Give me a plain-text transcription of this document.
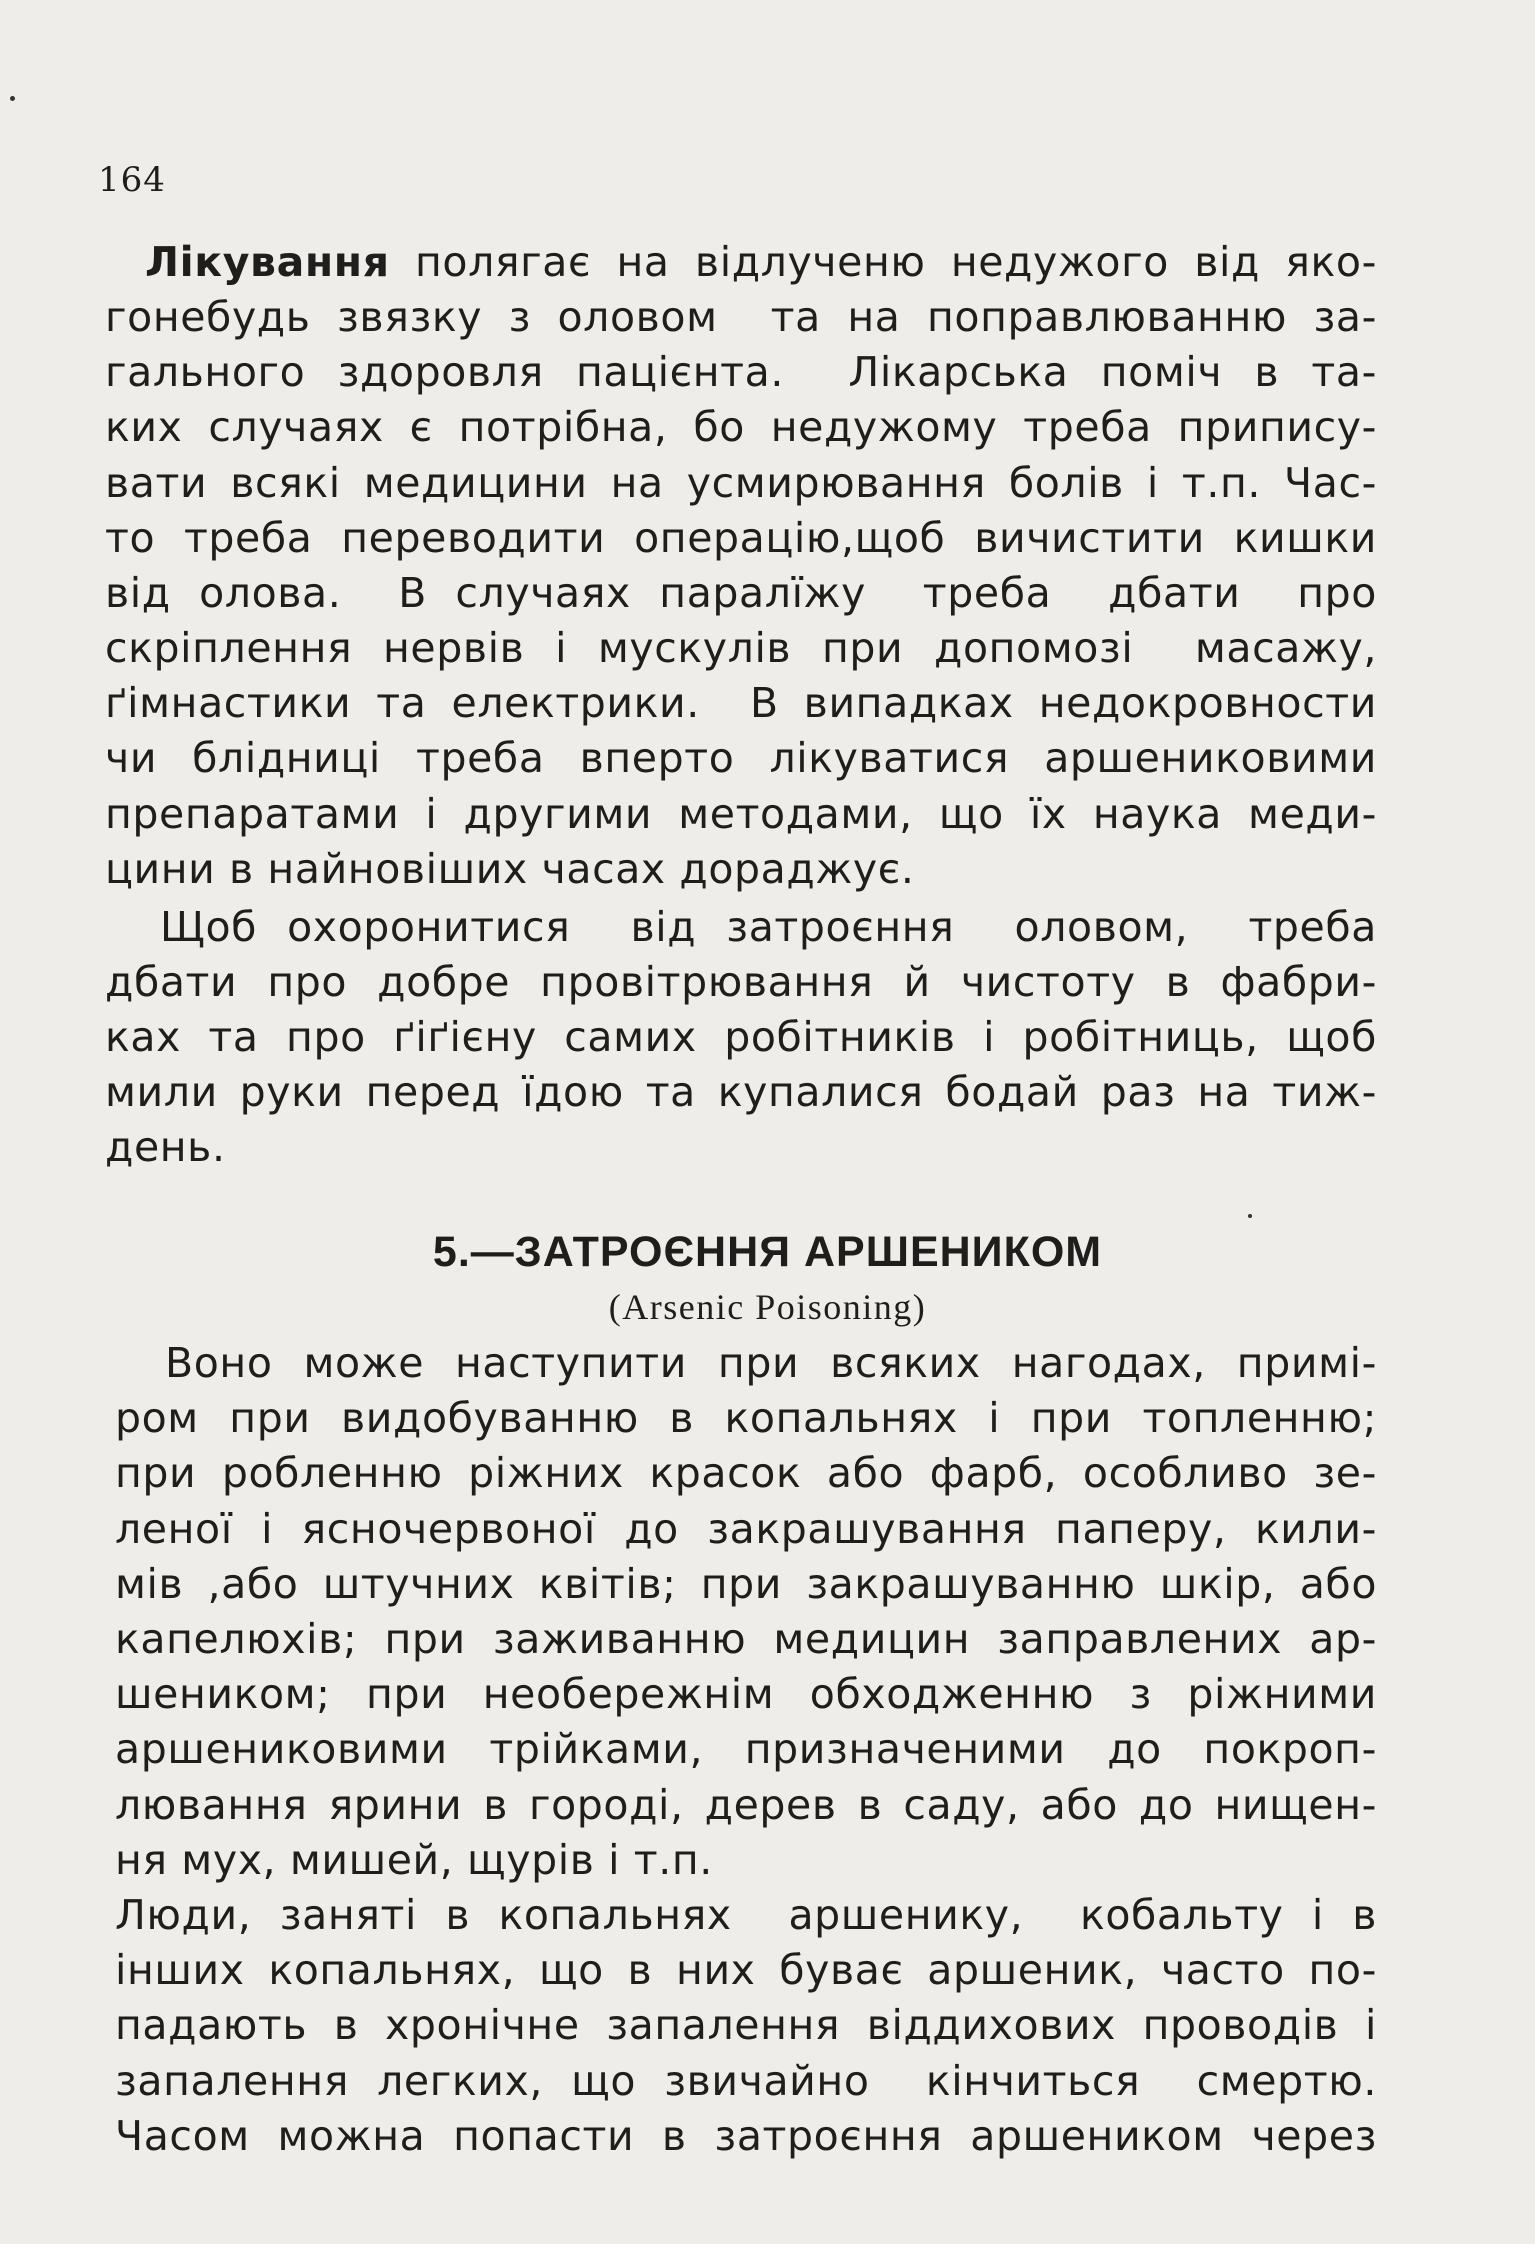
164
Лікування полягає на відлученю недужого від яко-
гонебудь звязку з оловом  та на поправлюванню за-
гального здоровля пацієнта.  Лікарська поміч в та-
ких случаях є потрібна, бо недужому треба припису-
вати всякі медицини на усмирювання болів і т.п. Час-
то треба переводити операцію,щоб вичистити кишки
від олова.  В случаях паралїжу  треба  дбати  про
скріплення нервів і мускулів при допомозі  масажу,
ґімнастики та електрики.  В випадках недокровности
чи блідниці треба вперто лікуватися аршениковими
препаратами і другими методами, що їх наука меди-
цини в найновіших часах дораджує.
Щоб охоронитися  від затроєння  оловом,  треба
дбати про добре провітрювання й чистоту в фабри-
ках та про ґіґієну самих робітників і робітниць, щоб
мили руки перед їдою та купалися бодай раз на тиж-
день.
5.—ЗАТРОЄННЯ АРШЕНИКОМ
(Arsenic Poisoning)
Воно може наступити при всяких нагодах, примі-
ром при видобуванню в копальнях і при топленню;
при робленню ріжних красок або фарб, особливо зе-
леної і ясночервоної до закрашування паперу, кили-
мів ,або штучних квітів; при закрашуванню шкір, або
капелюхів; при заживанню медицин заправлених ар-
шеником; при необережнім обходженню з ріжними
аршениковими трійками, призначеними до покроп-
лювання ярини в городі, дерев в саду, або до нищен-
ня мух, мишей, щурів і т.п.
Люди, заняті в копальнях  аршенику,  кобальту і в
інших копальнях, що в них буває аршеник, часто по-
падають в хронічне запалення віддихових проводів і
запалення легких, що звичайно  кінчиться  смертю.
Часом можна попасти в затроєння аршеником через
